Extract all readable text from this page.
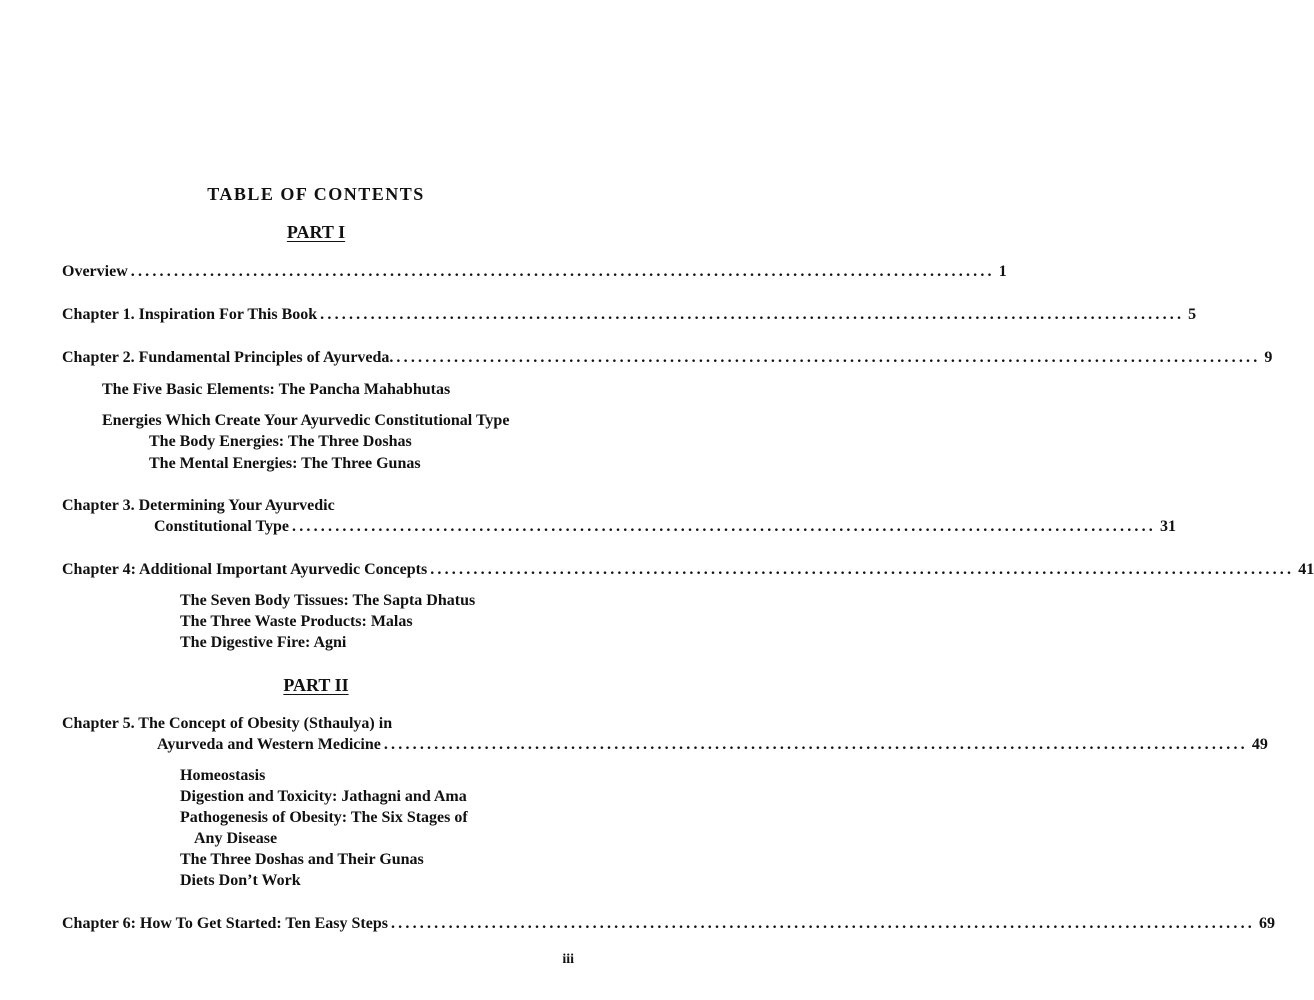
TABLE OF CONTENTS
PART I
Overview ........................................................................................................................ 1
Chapter 1. Inspiration For This Book ........................................................................................................................ 5
Chapter 2. Fundamental Principles of Ayurveda. ........................................................................................................................ 9
The Five Basic Elements: The Pancha Mahabhutas
Energies Which Create Your Ayurvedic Constitutional Type
The Body Energies: The Three Doshas
The Mental Energies: The Three Gunas
Chapter 3. Determining Your Ayurvedic
Constitutional Type ........................................................................................................................ 31
Chapter 4: Additional Important Ayurvedic Concepts ........................................................................................................................ 41
The Seven Body Tissues: The Sapta Dhatus
The Three Waste Products: Malas
The Digestive Fire: Agni
PART II
Chapter 5. The Concept of Obesity (Sthaulya) in
Ayurveda and Western Medicine ........................................................................................................................ 49
Homeostasis
Digestion and Toxicity: Jathagni and Ama
Pathogenesis of Obesity: The Six Stages of
Any Disease
The Three Doshas and Their Gunas
Diets Don’t Work
Chapter 6: How To Get Started: Ten Easy Steps ........................................................................................................................ 69
iii
